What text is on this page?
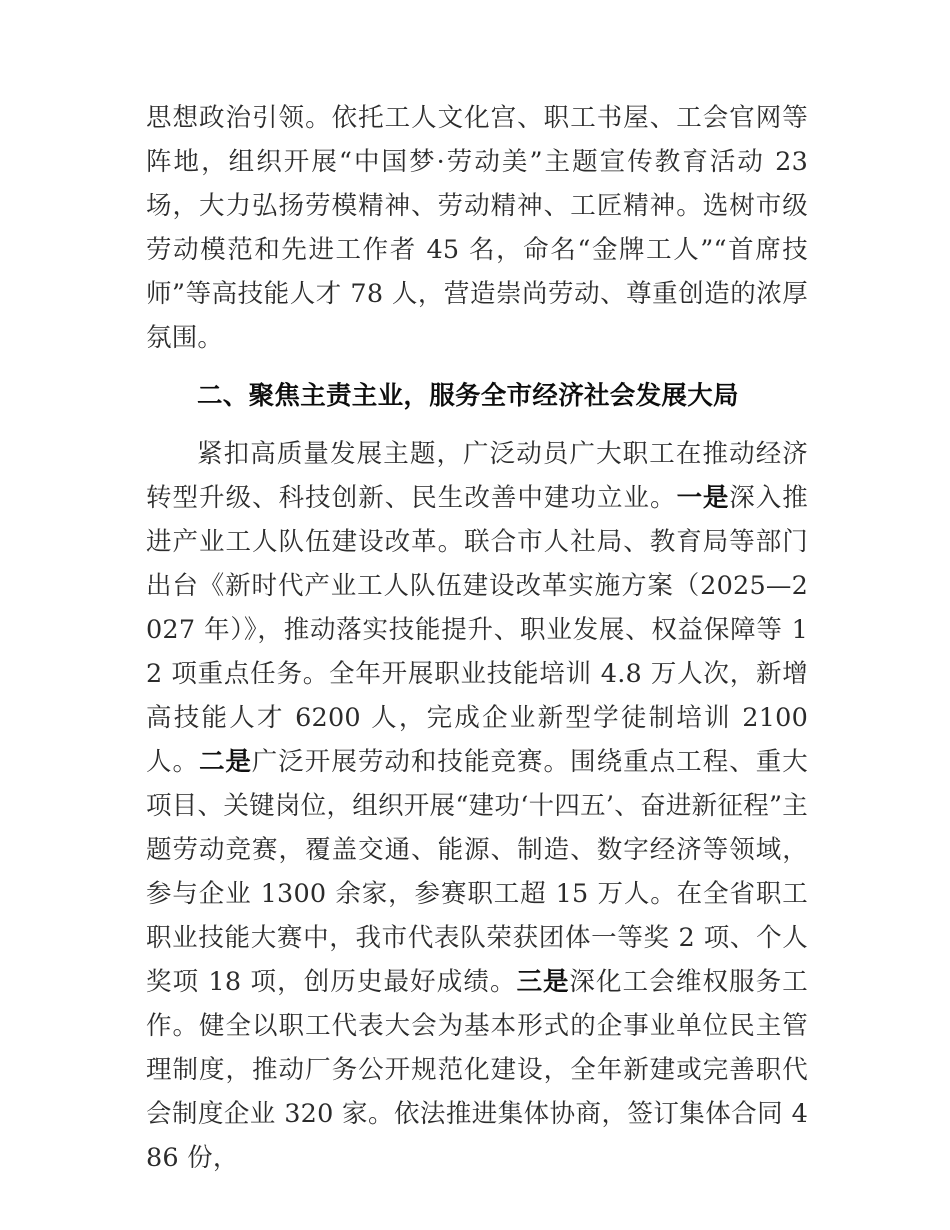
思想政治引领。依托工人文化宫、职工书屋、工会官网等阵地，组织开展“中国梦·劳动美”主题宣传教育活动 23 场，大力弘扬劳模精神、劳动精神、工匠精神。选树市级劳动模范和先进工作者 45 名，命名“金牌工人”“首席技师”等高技能人才 78 人，营造崇尚劳动、尊重创造的浓厚氛围。

二、聚焦主责主业，服务全市经济社会发展大局

紧扣高质量发展主题，广泛动员广大职工在推动经济转型升级、科技创新、民生改善中建功立业。一是深入推进产业工人队伍建设改革。联合市人社局、教育局等部门出台《新时代产业工人队伍建设改革实施方案（2025—2027 年）》，推动落实技能提升、职业发展、权益保障等 12 项重点任务。全年开展职业技能培训 4.8 万人次，新增高技能人才 6200 人，完成企业新型学徒制培训 2100 人。二是广泛开展劳动和技能竞赛。围绕重点工程、重大项目、关键岗位，组织开展“建功‘十四五’、奋进新征程”主题劳动竞赛，覆盖交通、能源、制造、数字经济等领域，参与企业 1300 余家，参赛职工超 15 万人。在全省职工职业技能大赛中，我市代表队荣获团体一等奖 2 项、个人奖项 18 项，创历史最好成绩。三是深化工会维权服务工作。健全以职工代表大会为基本形式的企事业单位民主管理制度，推动厂务公开规范化建设，全年新建或完善职代会制度企业 320 家。依法推进集体协商，签订集体合同 486 份，
